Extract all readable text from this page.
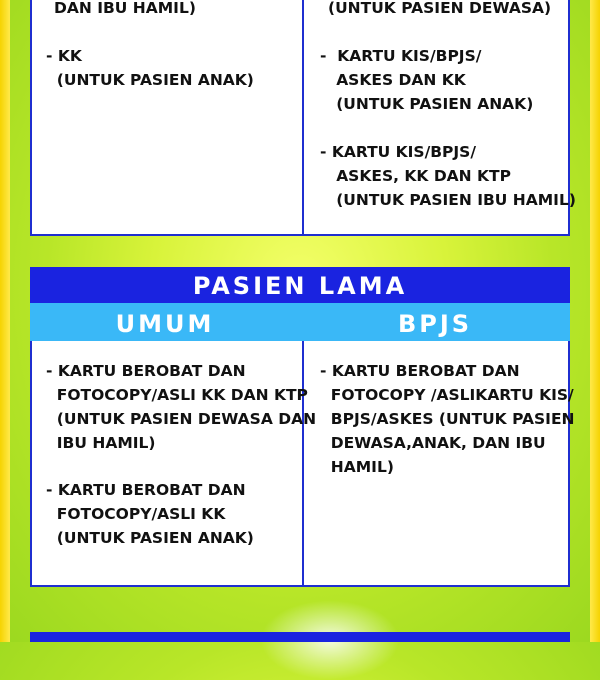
DAN IBU HAMIL)
- KK
(UNTUK PASIEN ANAK)
(UNTUK PASIEN DEWASA)
-  KARTU KIS/BPJS/
ASKES DAN KK
(UNTUK PASIEN ANAK)
- KARTU KIS/BPJS/
ASKES, KK DAN KTP
(UNTUK PASIEN IBU HAMIL)
PASIEN LAMA
UMUM	BPJS
- KARTU BEROBAT DAN
FOTOCOPY/ASLI KK DAN KTP
(UNTUK PASIEN DEWASA DAN
IBU HAMIL)
- KARTU BEROBAT DAN
FOTOCOPY/ASLI KK
(UNTUK PASIEN ANAK)
- KARTU BEROBAT DAN
FOTOCOPY /ASLIKARTU KIS/
BPJS/ASKES (UNTUK PASIEN
DEWASA,ANAK, DAN IBU
HAMIL)
